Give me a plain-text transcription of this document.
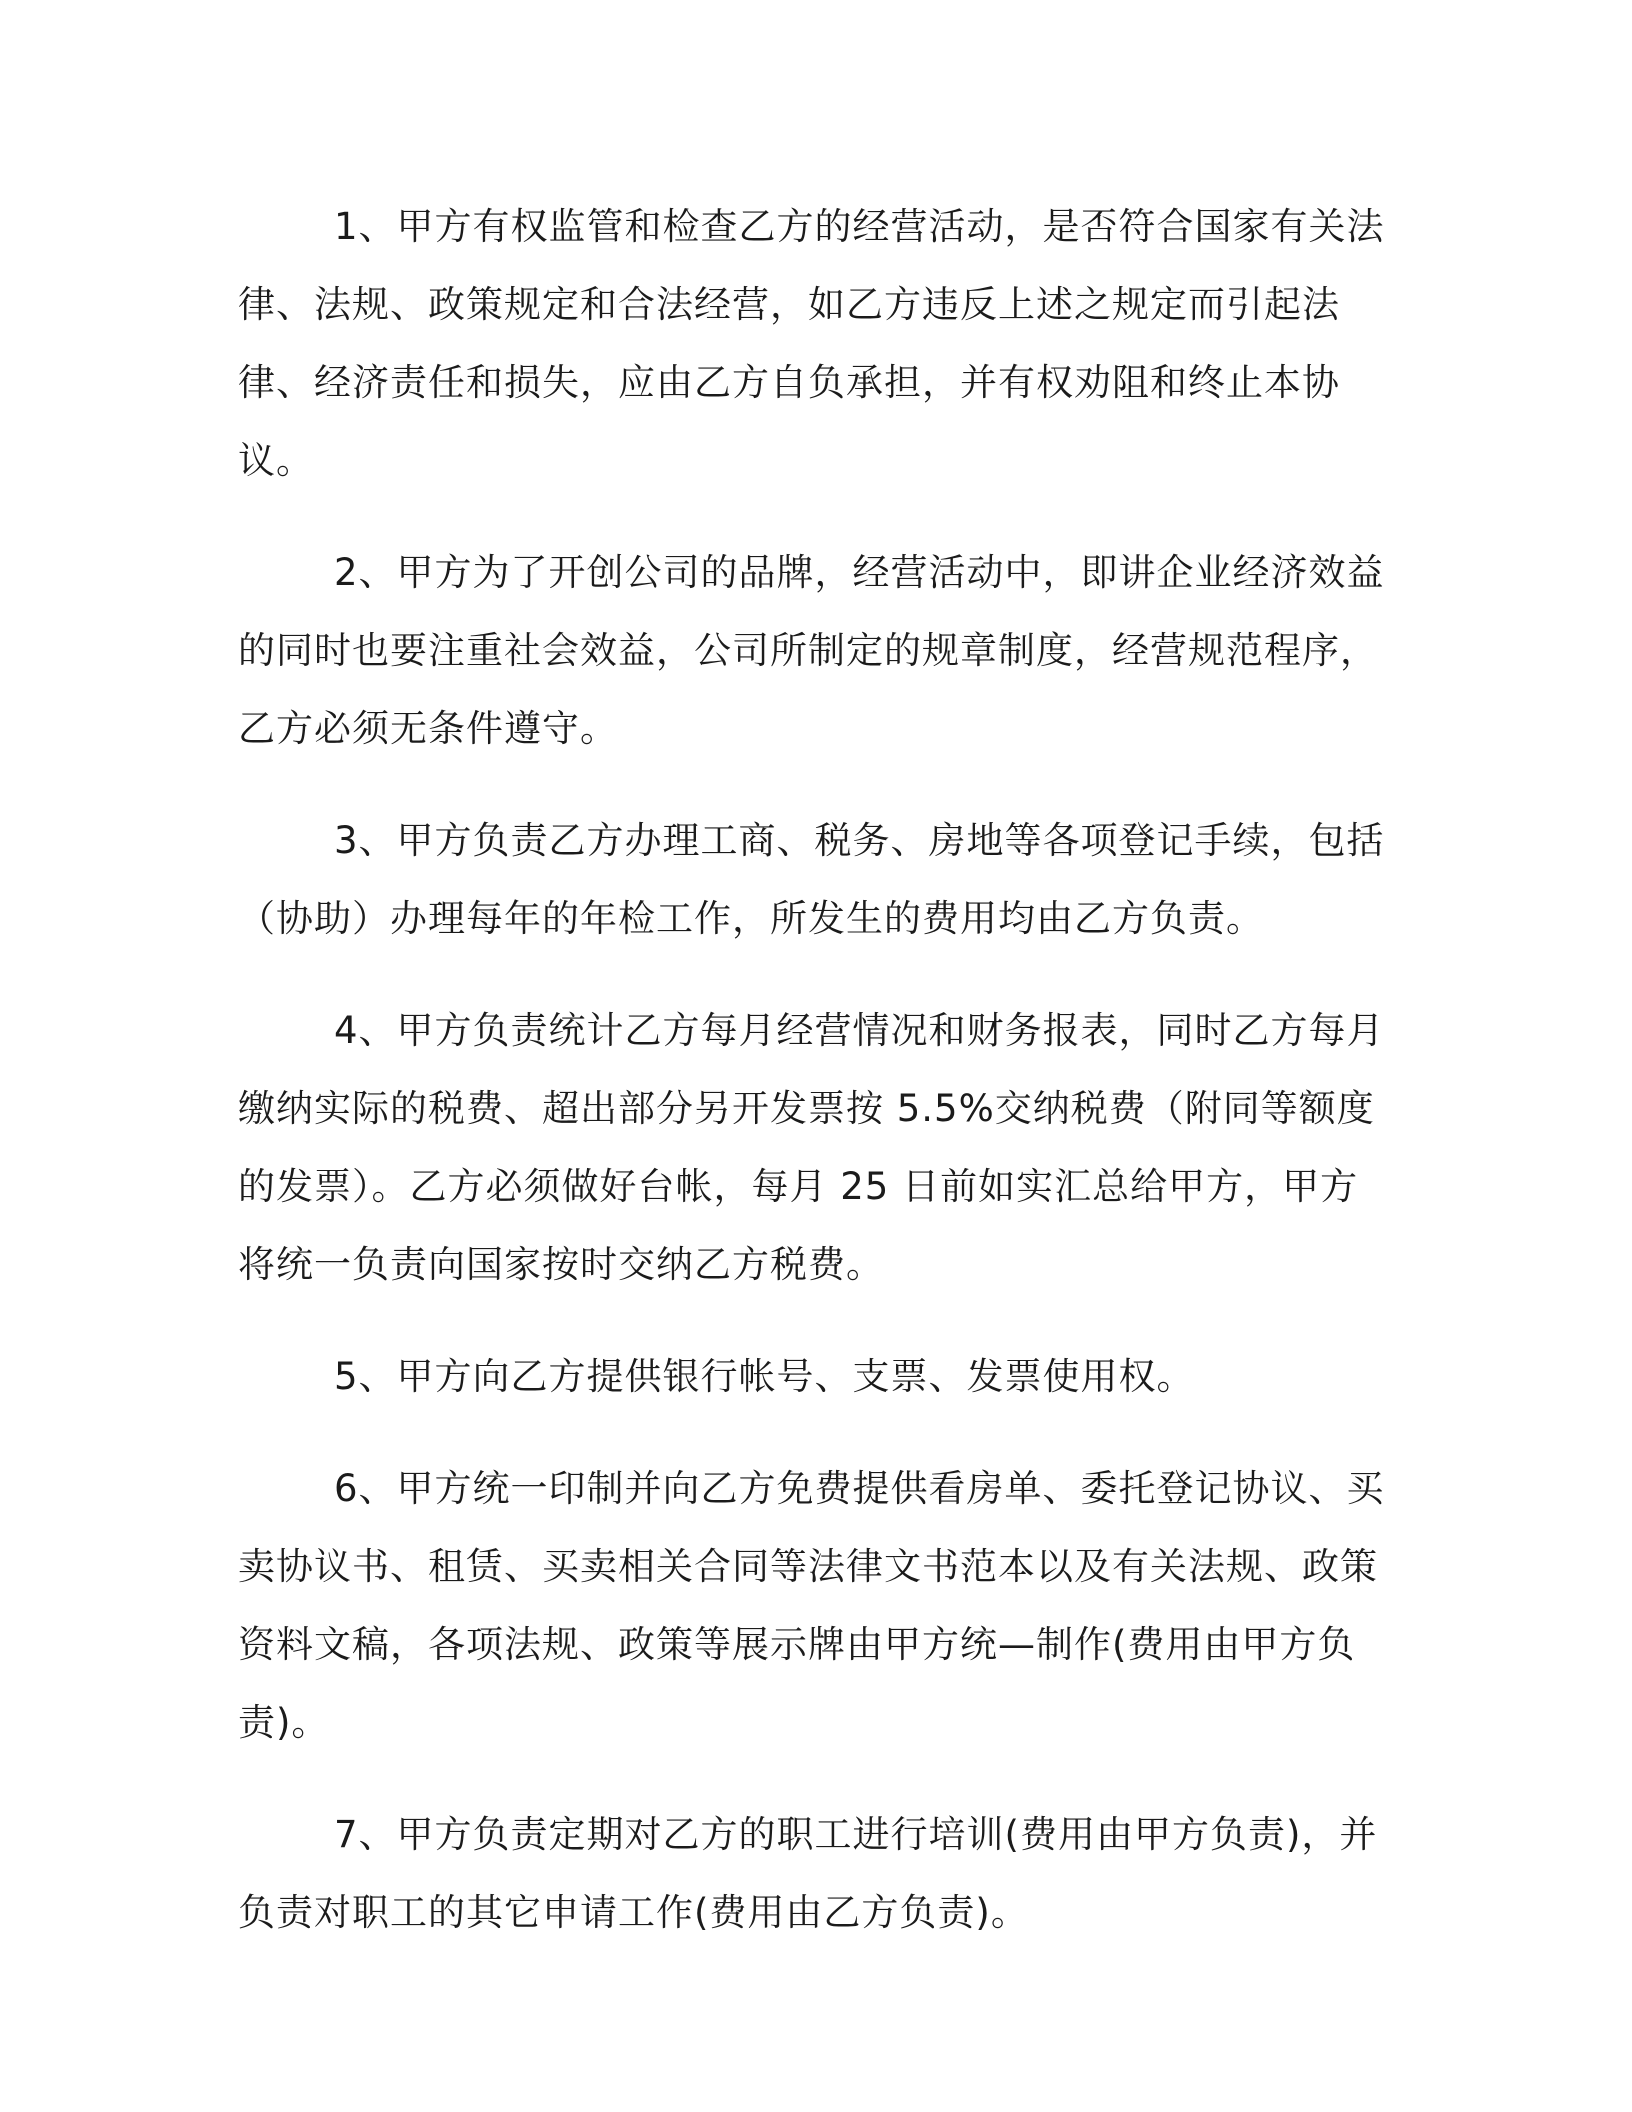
1、甲方有权监管和检查乙方的经营活动，是否符合国家有关法律、法规、政策规定和合法经营，如乙方违反上述之规定而引起法律、经济责任和损失，应由乙方自负承担，并有权劝阻和终止本协议。

2、甲方为了开创公司的品牌，经营活动中，即讲企业经济效益的同时也要注重社会效益，公司所制定的规章制度，经营规范程序，乙方必须无条件遵守。

3、甲方负责乙方办理工商、税务、房地等各项登记手续，包括（协助）办理每年的年检工作，所发生的费用均由乙方负责。

4、甲方负责统计乙方每月经营情况和财务报表，同时乙方每月缴纳实际的税费、超出部分另开发票按 5.5%交纳税费（附同等额度的发票）。乙方必须做好台帐，每月 25 日前如实汇总给甲方，甲方将统一负责向国家按时交纳乙方税费。

5、甲方向乙方提供银行帐号、支票、发票使用权。

6、甲方统一印制并向乙方免费提供看房单、委托登记协议、买卖协议书、租赁、买卖相关合同等法律文书范本以及有关法规、政策资料文稿，各项法规、政策等展示牌由甲方统—制作(费用由甲方负责)。

7、甲方负责定期对乙方的职工进行培训(费用由甲方负责)，并负责对职工的其它申请工作(费用由乙方负责)。
